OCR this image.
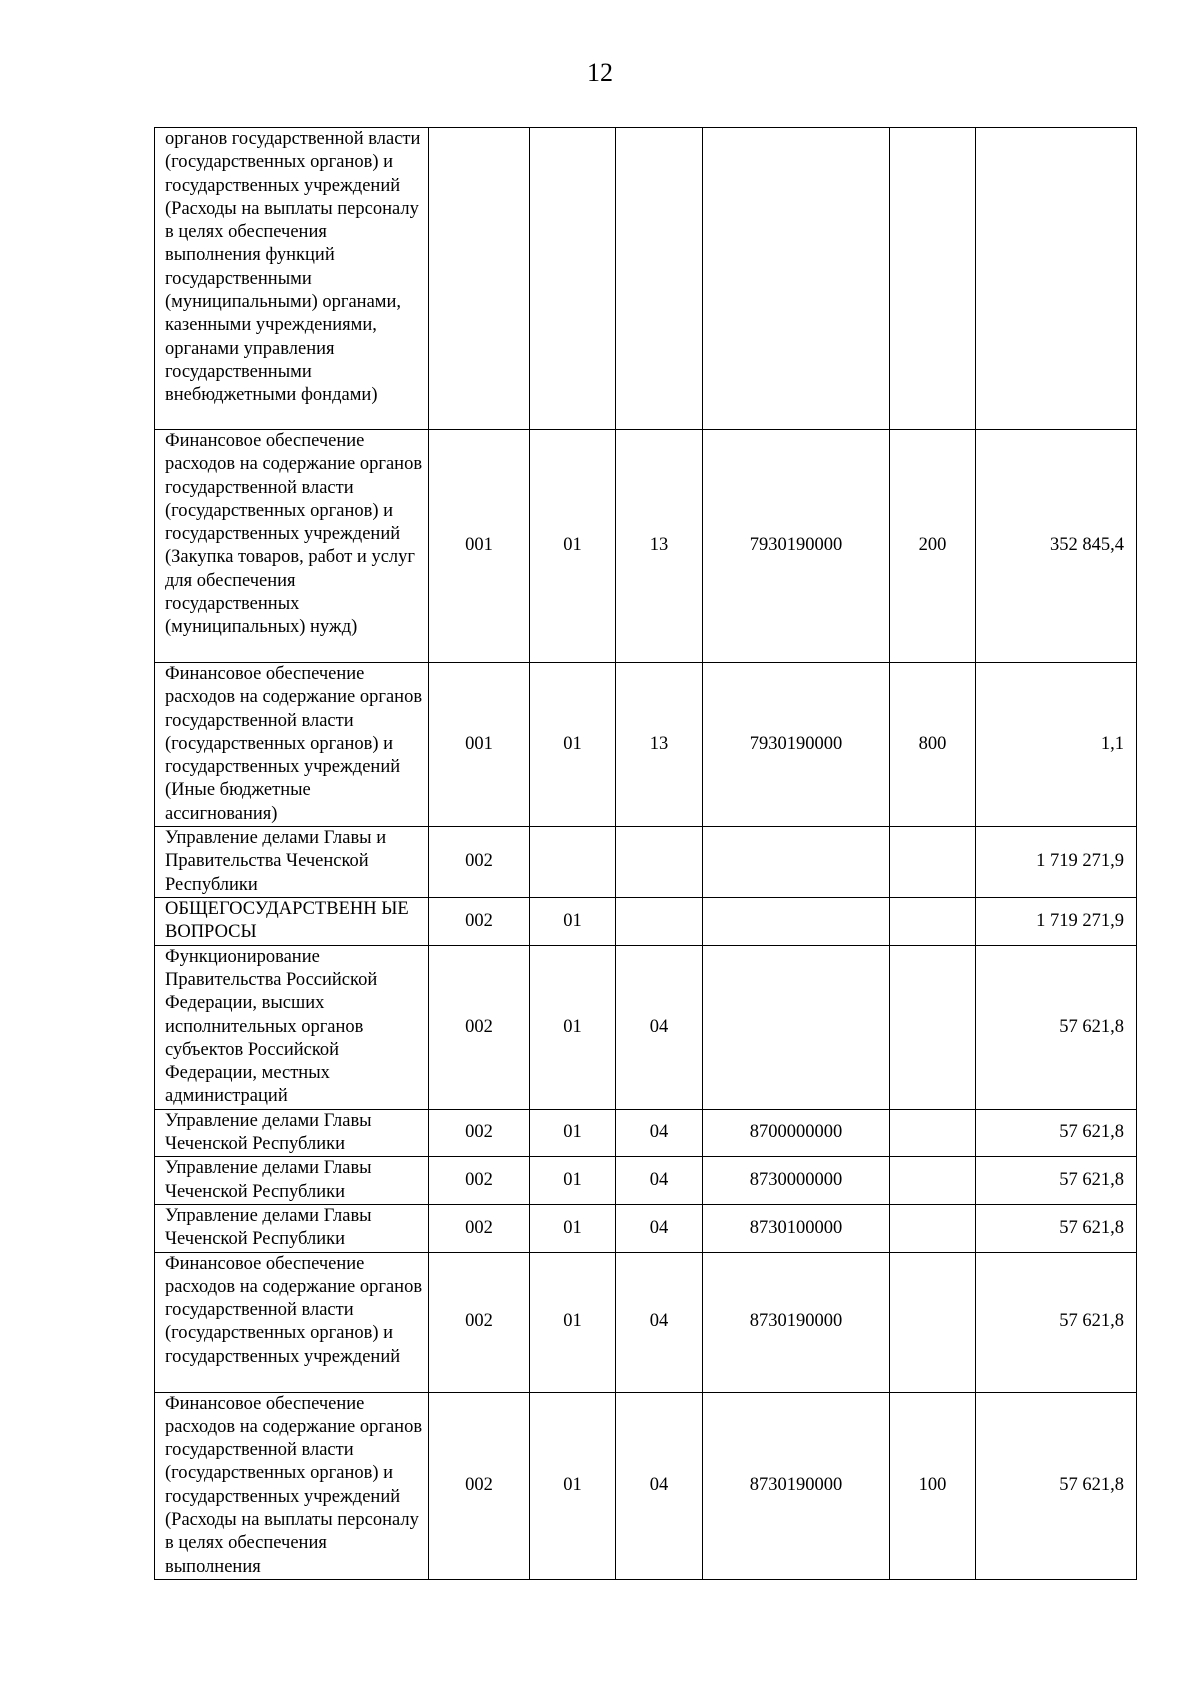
12
органов государственной власти (государственных органов) и государственных учреждений (Расходы на выплаты персоналу в целях обеспечения выполнения функций государственными (муниципальными) органами, казенными учреждениями, органами управления государственными внебюджетными фондами)						
Финансовое обеспечение расходов на содержание органов государственной власти (государственных органов) и государственных учреждений (Закупка товаров, работ и услуг для обеспечения государственных (муниципальных) нужд)	001	01	13	7930190000	200	352 845,4
Финансовое обеспечение расходов на содержание органов государственной власти (государственных органов) и государственных учреждений (Иные бюджетные ассигнования)	001	01	13	7930190000	800	1,1
Управление делами Главы и Правительства Чеченской Республики	002					1 719 271,9
ОБЩЕГОСУДАРСТВЕНН ЫЕ ВОПРОСЫ	002	01				1 719 271,9
Функционирование Правительства Российской Федерации, высших исполнительных органов субъектов Российской Федерации, местных администраций	002	01	04			57 621,8
Управление делами Главы Чеченской Республики	002	01	04	8700000000		57 621,8
Управление делами Главы Чеченской Республики	002	01	04	8730000000		57 621,8
Управление делами Главы Чеченской Республики	002	01	04	8730100000		57 621,8
Финансовое обеспечение расходов на содержание органов государственной власти (государственных органов) и государственных учреждений	002	01	04	8730190000		57 621,8
Финансовое обеспечение расходов на содержание органов государственной власти (государственных органов) и государственных учреждений (Расходы на выплаты персоналу в целях обеспечения выполнения	002	01	04	8730190000	100	57 621,8
